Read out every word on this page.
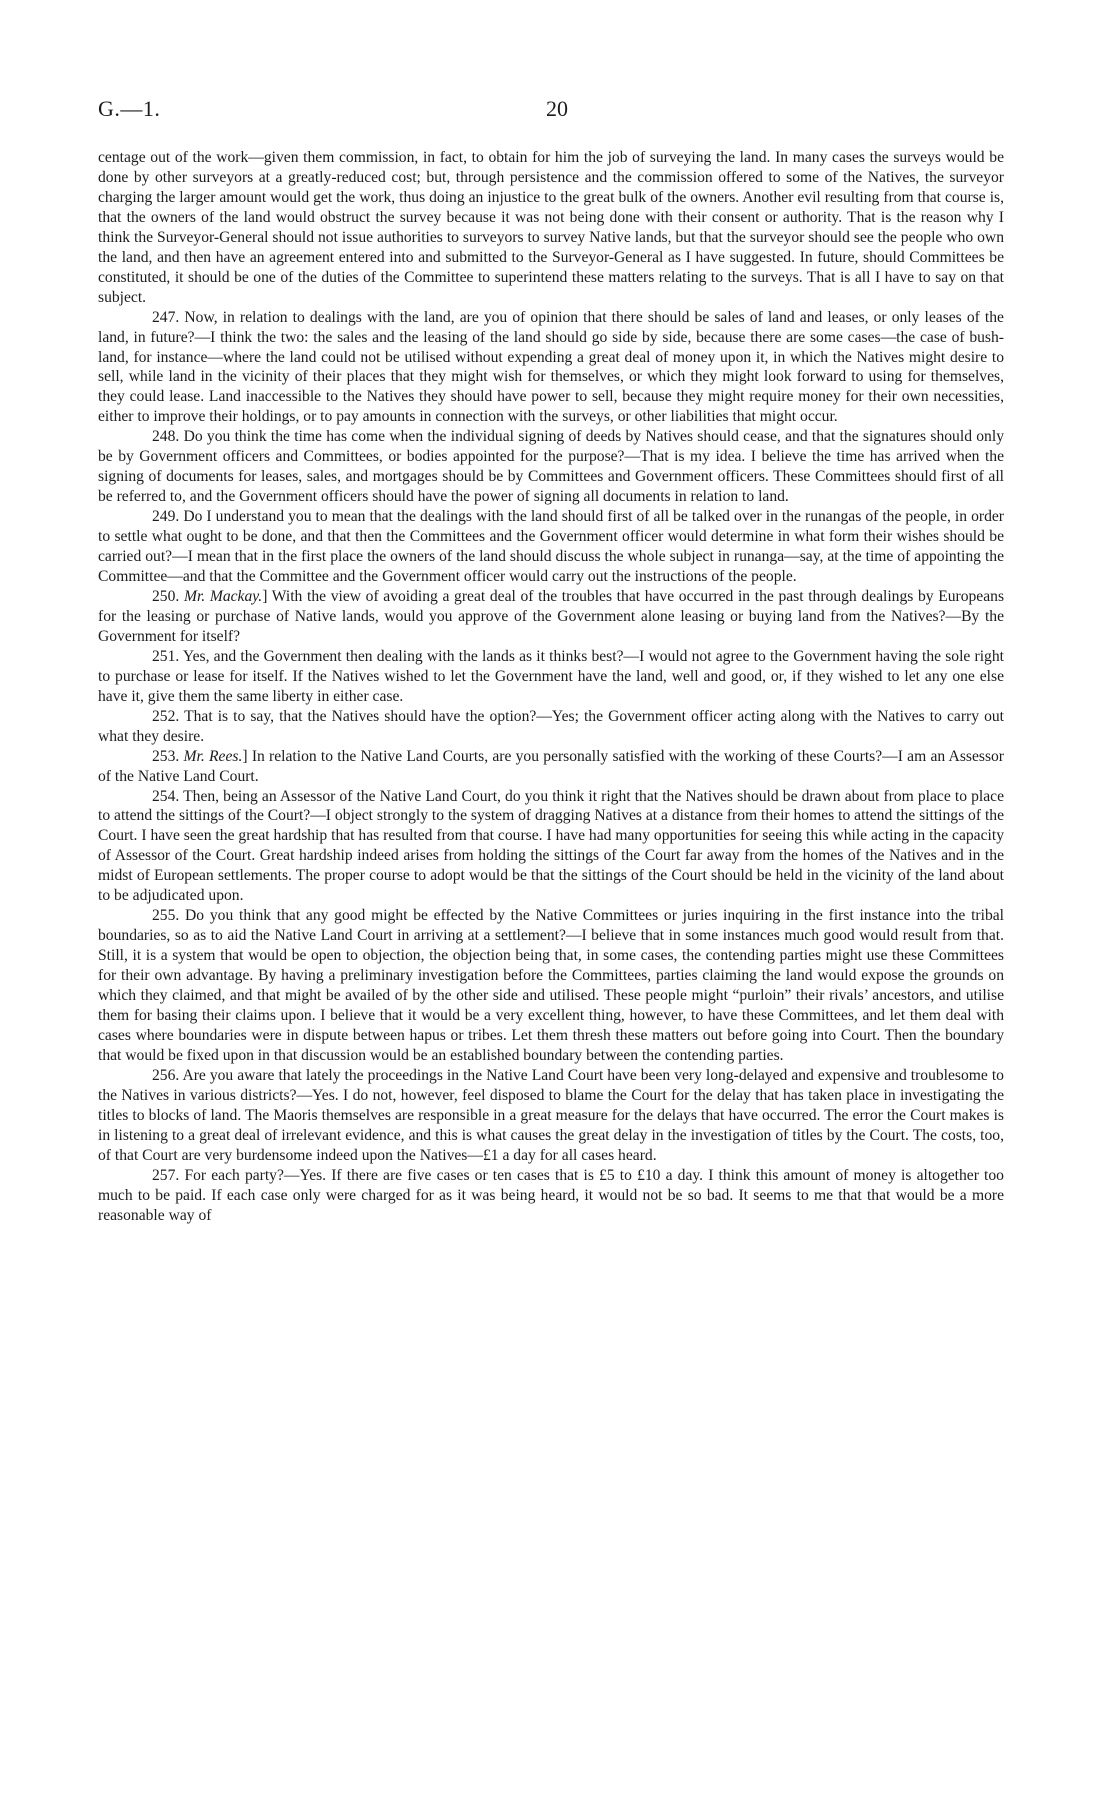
G.—1.	20

centage out of the work—given them commission, in fact, to obtain for him the job of surveying the land. In many cases the surveys would be done by other surveyors at a greatly-reduced cost; but, through persistence and the commission offered to some of the Natives, the surveyor charging the larger amount would get the work, thus doing an injustice to the great bulk of the owners. Another evil resulting from that course is, that the owners of the land would obstruct the survey because it was not being done with their consent or authority. That is the reason why I think the Surveyor-General should not issue authorities to surveyors to survey Native lands, but that the surveyor should see the people who own the land, and then have an agreement entered into and submitted to the Surveyor-General as I have suggested. In future, should Committees be constituted, it should be one of the duties of the Committee to superintend these matters relating to the surveys. That is all I have to say on that subject.

247. Now, in relation to dealings with the land, are you of opinion that there should be sales of land and leases, or only leases of the land, in future?—I think the two: the sales and the leasing of the land should go side by side, because there are some cases—the case of bush-land, for instance—where the land could not be utilised without expending a great deal of money upon it, in which the Natives might desire to sell, while land in the vicinity of their places that they might wish for themselves, or which they might look forward to using for themselves, they could lease. Land inaccessible to the Natives they should have power to sell, because they might require money for their own necessities, either to improve their holdings, or to pay amounts in connection with the surveys, or other liabilities that might occur.

248. Do you think the time has come when the individual signing of deeds by Natives should cease, and that the signatures should only be by Government officers and Committees, or bodies appointed for the purpose?—That is my idea. I believe the time has arrived when the signing of documents for leases, sales, and mortgages should be by Committees and Government officers. These Committees should first of all be referred to, and the Government officers should have the power of signing all documents in relation to land.

249. Do I understand you to mean that the dealings with the land should first of all be talked over in the runangas of the people, in order to settle what ought to be done, and that then the Committees and the Government officer would determine in what form their wishes should be carried out?—I mean that in the first place the owners of the land should discuss the whole subject in runanga—say, at the time of appointing the Committee—and that the Committee and the Government officer would carry out the instructions of the people.

250. Mr. Mackay.] With the view of avoiding a great deal of the troubles that have occurred in the past through dealings by Europeans for the leasing or purchase of Native lands, would you approve of the Government alone leasing or buying land from the Natives?—By the Government for itself?

251. Yes, and the Government then dealing with the lands as it thinks best?—I would not agree to the Government having the sole right to purchase or lease for itself. If the Natives wished to let the Government have the land, well and good, or, if they wished to let any one else have it, give them the same liberty in either case.

252. That is to say, that the Natives should have the option?—Yes; the Government officer acting along with the Natives to carry out what they desire.

253. Mr. Rees.] In relation to the Native Land Courts, are you personally satisfied with the working of these Courts?—I am an Assessor of the Native Land Court.

254. Then, being an Assessor of the Native Land Court, do you think it right that the Natives should be drawn about from place to place to attend the sittings of the Court?—I object strongly to the system of dragging Natives at a distance from their homes to attend the sittings of the Court. I have seen the great hardship that has resulted from that course. I have had many opportunities for seeing this while acting in the capacity of Assessor of the Court. Great hardship indeed arises from holding the sittings of the Court far away from the homes of the Natives and in the midst of European settlements. The proper course to adopt would be that the sittings of the Court should be held in the vicinity of the land about to be adjudicated upon.

255. Do you think that any good might be effected by the Native Committees or juries inquiring in the first instance into the tribal boundaries, so as to aid the Native Land Court in arriving at a settlement?—I believe that in some instances much good would result from that. Still, it is a system that would be open to objection, the objection being that, in some cases, the contending parties might use these Committees for their own advantage. By having a preliminary investigation before the Committees, parties claiming the land would expose the grounds on which they claimed, and that might be availed of by the other side and utilised. These people might “purloin” their rivals’ ancestors, and utilise them for basing their claims upon. I believe that it would be a very excellent thing, however, to have these Committees, and let them deal with cases where boundaries were in dispute between hapus or tribes. Let them thresh these matters out before going into Court. Then the boundary that would be fixed upon in that discussion would be an established boundary between the contending parties.

256. Are you aware that lately the proceedings in the Native Land Court have been very long-delayed and expensive and troublesome to the Natives in various districts?—Yes. I do not, however, feel disposed to blame the Court for the delay that has taken place in investigating the titles to blocks of land. The Maoris themselves are responsible in a great measure for the delays that have occurred. The error the Court makes is in listening to a great deal of irrelevant evidence, and this is what causes the great delay in the investigation of titles by the Court. The costs, too, of that Court are very burdensome indeed upon the Natives—£1 a day for all cases heard.

257. For each party?—Yes. If there are five cases or ten cases that is £5 to £10 a day. I think this amount of money is altogether too much to be paid. If each case only were charged for as it was being heard, it would not be so bad. It seems to me that that would be a more reasonable way of
